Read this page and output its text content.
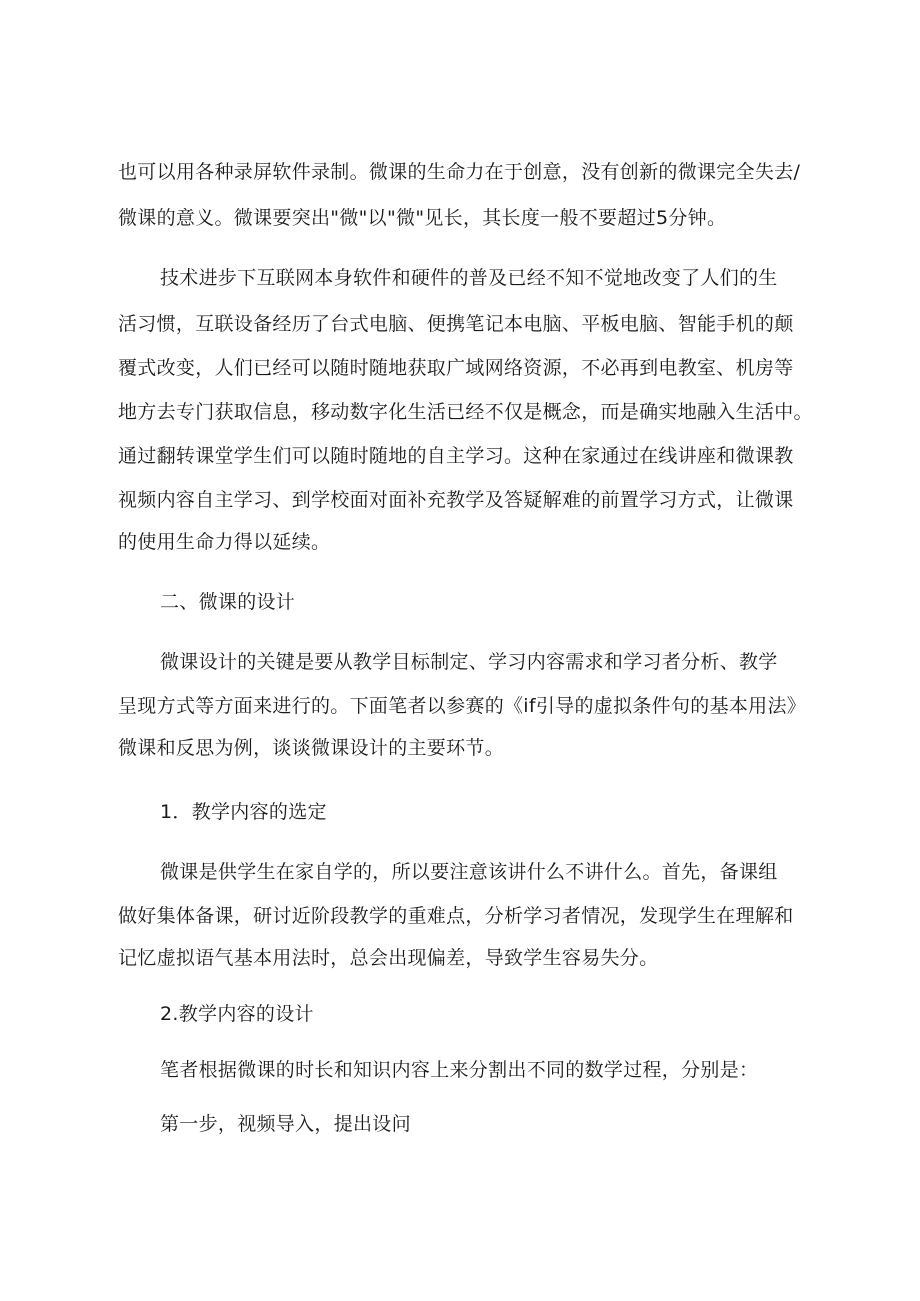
也可以用各种录屏软件录制。微课的生命力在于创意，没有创新的微课完全失去/
微课的意义。微课要突出"微"以"微"见长，其长度一般不要超过5分钟。
技术进步下互联网本身软件和硬件的普及已经不知不觉地改变了人们的生
活习惯，互联设备经历了台式电脑、便携笔记本电脑、平板电脑、智能手机的颠
覆式改变，人们已经可以随时随地获取广域网络资源，不必再到电教室、机房等
地方去专门获取信息，移动数字化生活已经不仅是概念，而是确实地融入生活中。
通过翻转课堂学生们可以随时随地的自主学习。这种在家通过在线讲座和微课教
视频内容自主学习、到学校面对面补充教学及答疑解难的前置学习方式，让微课
的使用生命力得以延续。
二、微课的设计
微课设计的关键是要从教学目标制定、学习内容需求和学习者分析、教学
呈现方式等方面来进行的。下面笔者以参赛的《if引导的虚拟条件句的基本用法》
微课和反思为例，谈谈微课设计的主要环节。
1．教学内容的选定
微课是供学生在家自学的，所以要注意该讲什么不讲什么。首先，备课组
做好集体备课，研讨近阶段教学的重难点，分析学习者情况，发现学生在理解和
记忆虚拟语气基本用法时，总会出现偏差，导致学生容易失分。
2.教学内容的设计
笔者根据微课的时长和知识内容上来分割出不同的数学过程，分别是：
第一步，视频导入，提出设问
